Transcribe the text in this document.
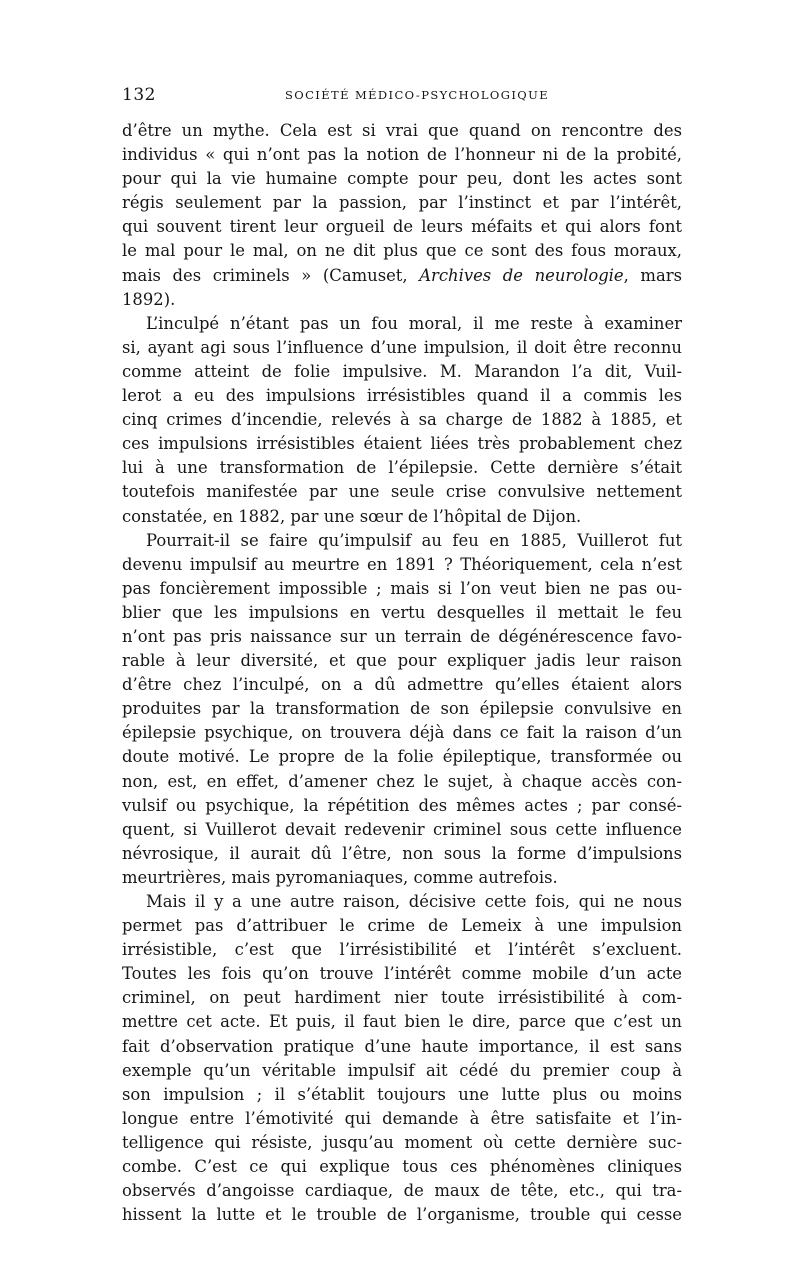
132	SOCIÉTÉ MÉDICO-PSYCHOLOGIQUE
d’être un mythe. Cela est si vrai que quand on rencontre des
individus « qui n’ont pas la notion de l’honneur ni de la probité,
pour qui la vie humaine compte pour peu, dont les actes sont
régis seulement par la passion, par l’instinct et par l’intérêt,
qui souvent tirent leur orgueil de leurs méfaits et qui alors font
le mal pour le mal, on ne dit plus que ce sont des fous moraux,
mais des criminels » (Camuset, Archives de neurologie, mars
1892).
L’inculpé n’étant pas un fou moral, il me reste à examiner
si, ayant agi sous l’influence d’une impulsion, il doit être reconnu
comme atteint de folie impulsive. M. Marandon l’a dit, Vuil-
lerot a eu des impulsions irrésistibles quand il a commis les
cinq crimes d’incendie, relevés à sa charge de 1882 à 1885, et
ces impulsions irrésistibles étaient liées très probablement chez
lui à une transformation de l’épilepsie. Cette dernière s’était
toutefois manifestée par une seule crise convulsive nettement
constatée, en 1882, par une sœur de l’hôpital de Dijon.
Pourrait-il se faire qu’impulsif au feu en 1885, Vuillerot fut
devenu impulsif au meurtre en 1891 ? Théoriquement, cela n’est
pas foncièrement impossible ; mais si l’on veut bien ne pas ou-
blier que les impulsions en vertu desquelles il mettait le feu
n’ont pas pris naissance sur un terrain de dégénérescence favo-
rable à leur diversité, et que pour expliquer jadis leur raison
d’être chez l’inculpé, on a dû admettre qu’elles étaient alors
produites par la transformation de son épilepsie convulsive en
épilepsie psychique, on trouvera déjà dans ce fait la raison d’un
doute motivé. Le propre de la folie épileptique, transformée ou
non, est, en effet, d’amener chez le sujet, à chaque accès con-
vulsif ou psychique, la répétition des mêmes actes ; par consé-
quent, si Vuillerot devait redevenir criminel sous cette influence
névrosique, il aurait dû l’être, non sous la forme d’impulsions
meurtrières, mais pyromaniaques, comme autrefois.
Mais il y a une autre raison, décisive cette fois, qui ne nous
permet pas d’attribuer le crime de Lemeix à une impulsion
irrésistible, c’est que l’irrésistibilité et l’intérêt s’excluent.
Toutes les fois qu’on trouve l’intérêt comme mobile d’un acte
criminel, on peut hardiment nier toute irrésistibilité à com-
mettre cet acte. Et puis, il faut bien le dire, parce que c’est un
fait d’observation pratique d’une haute importance, il est sans
exemple qu’un véritable impulsif ait cédé du premier coup à
son impulsion ; il s’établit toujours une lutte plus ou moins
longue entre l’émotivité qui demande à être satisfaite et l’in-
telligence qui résiste, jusqu’au moment où cette dernière suc-
combe. C’est ce qui explique tous ces phénomènes cliniques
observés d’angoisse cardiaque, de maux de tête, etc., qui tra-
hissent la lutte et le trouble de l’organisme, trouble qui cesse
